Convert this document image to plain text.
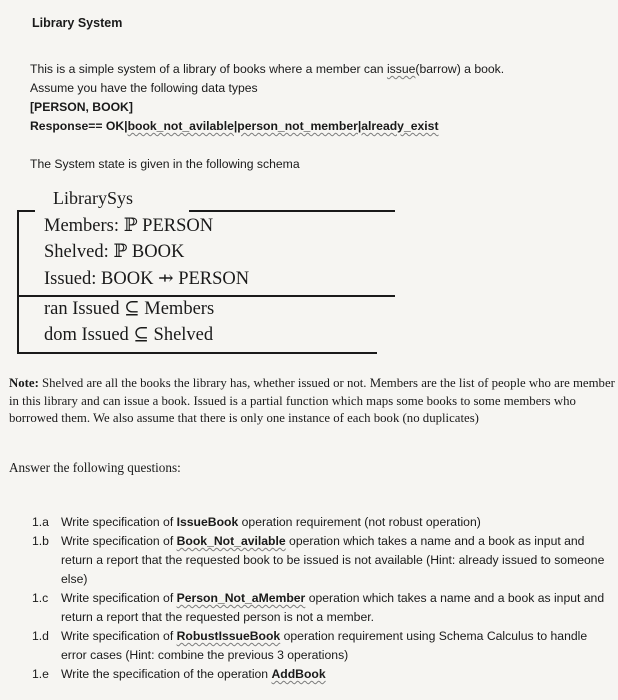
Library System
This is a simple system of a library of books where a member can issue(barrow) a book.
Assume you have the following data types
[PERSON, BOOK]
Response== OK|book_not_avilable|person_not_member|already_exist
The System state is given in the following schema
LibrarySys
Members: ℙ PERSON
Shelved: ℙ BOOK
Issued: BOOK ⇸ PERSON
ran Issued ⊆ Members
dom Issued ⊆ Shelved
Note: Shelved are all the books the library has, whether issued or not. Members are the list of people who are member in this library and can issue a book. Issued is a partial function which maps some books to some members who borrowed them. We also assume that there is only one instance of each book (no duplicates)
Answer the following questions:
1.a Write specification of IssueBook operation requirement (not robust operation)
1.b Write specification of Book_Not_avilable operation which takes a name and a book as input and return a report that the requested book to be issued is not available (Hint: already issued to someone else)
1.c Write specification of Person_Not_aMember operation which takes a name and a book as input and return a report that the requested person is not a member.
1.d Write specification of RobustIssueBook operation requirement using Schema Calculus to handle error cases (Hint: combine the previous 3 operations)
1.e Write the specification of the operation AddBook
